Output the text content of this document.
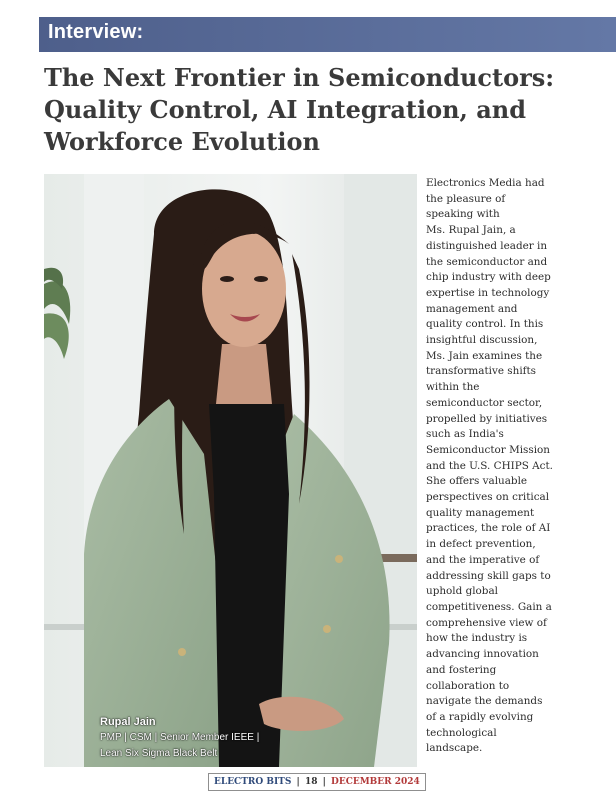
Interview:
The Next Frontier in Semiconductors:
Quality Control, AI Integration, and
Workforce Evolution
Rupal Jain
PMP | CSM | Senior Member IEEE |
Lean Six Sigma Black Belt
Electronics Media had
the pleasure of
speaking with
Ms. Rupal Jain, a
distinguished leader in
the semiconductor and
chip industry with deep
expertise in technology
management and
quality control. In this
insightful discussion,
Ms. Jain examines the
transformative shifts
within the
semiconductor sector,
propelled by initiatives
such as India's
Semiconductor Mission
and the U.S. CHIPS Act.
She offers valuable
perspectives on critical
quality management
practices, the role of AI
in defect prevention,
and the imperative of
addressing skill gaps to
uphold global
competitiveness. Gain a
comprehensive view of
how the industry is
advancing innovation
and fostering
collaboration to
navigate the demands
of a rapidly evolving
technological
landscape.
ELECTRO BITS | 18 | DECEMBER 2024
